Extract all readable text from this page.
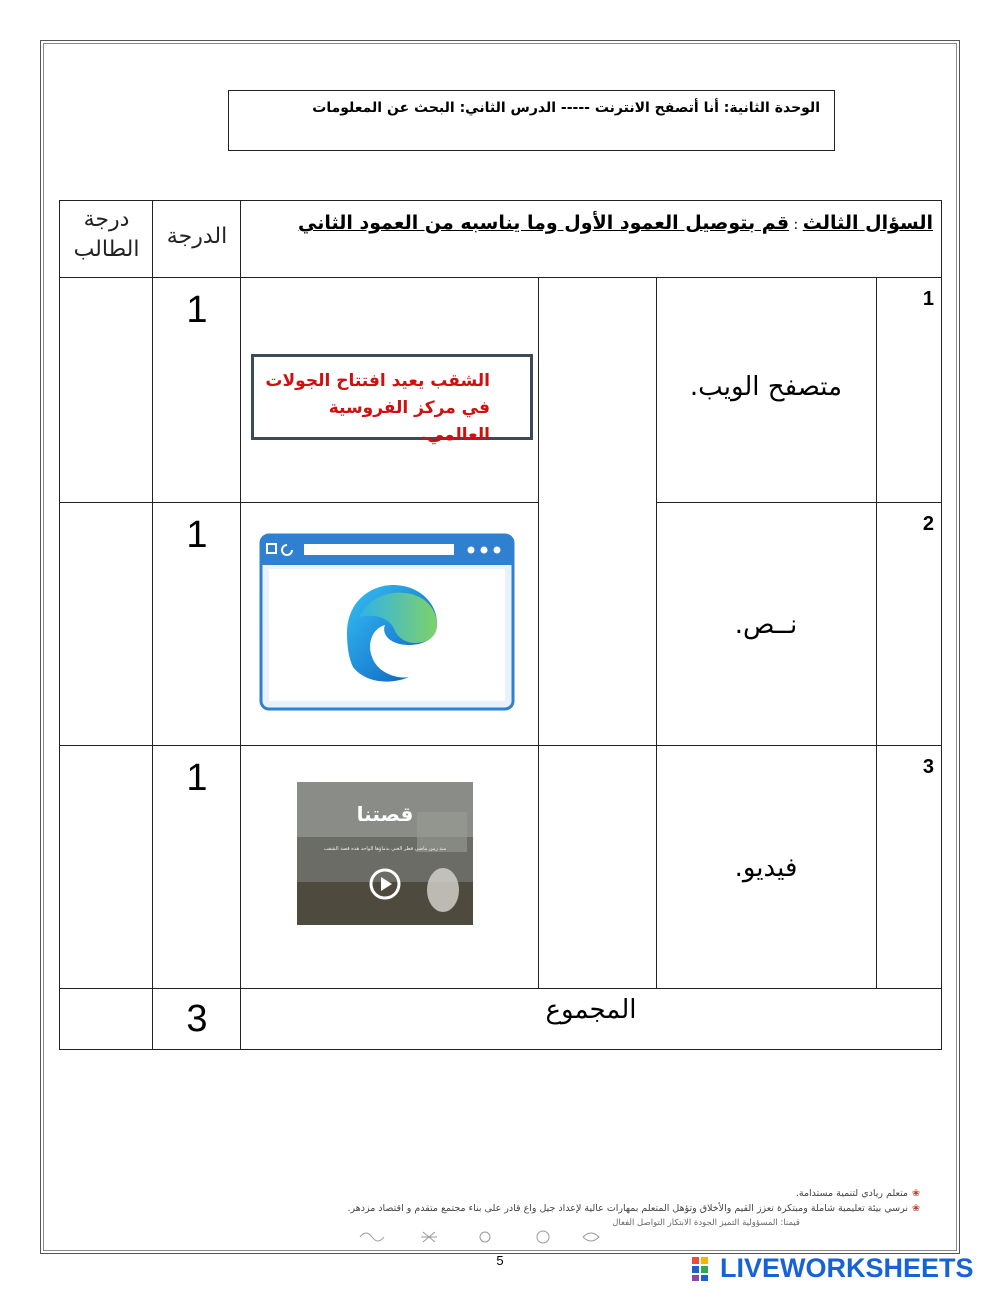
الوحدة الثانية: أنا أتصفح الانترنت ----- الدرس الثاني: البحث عن المعلومات
السؤال الثالث : قم بتوصيل العمود الأول وما يناسبه من العمود الثاني
الدرجة
درجة
الطالب
1
2
3
متصفح الويب.
نــص.
فيديو.
1
1
1
الشقب يعيد افتتاح الجولات
في مركز الفروسية العالمي.
قصتنا
منذ زمن ماضي قطر الغني بدماؤها الواحد هذه قصة الشقب
المجموع
3
❀متعلم ريادي لتنمية مستدامة.
❀نرسي بيئة تعليمية شاملة ومبتكرة تعزز القيم والأخلاق وتؤهل المتعلم بمهارات عالية لإعداد جيل واع قادر على بناء مجتمع متقدم و اقتصاد مزدهر.
قيمنا: المسؤولية التميز الجودة الابتكار التواصل الفعال
5	LIVEWORKSHEETS
